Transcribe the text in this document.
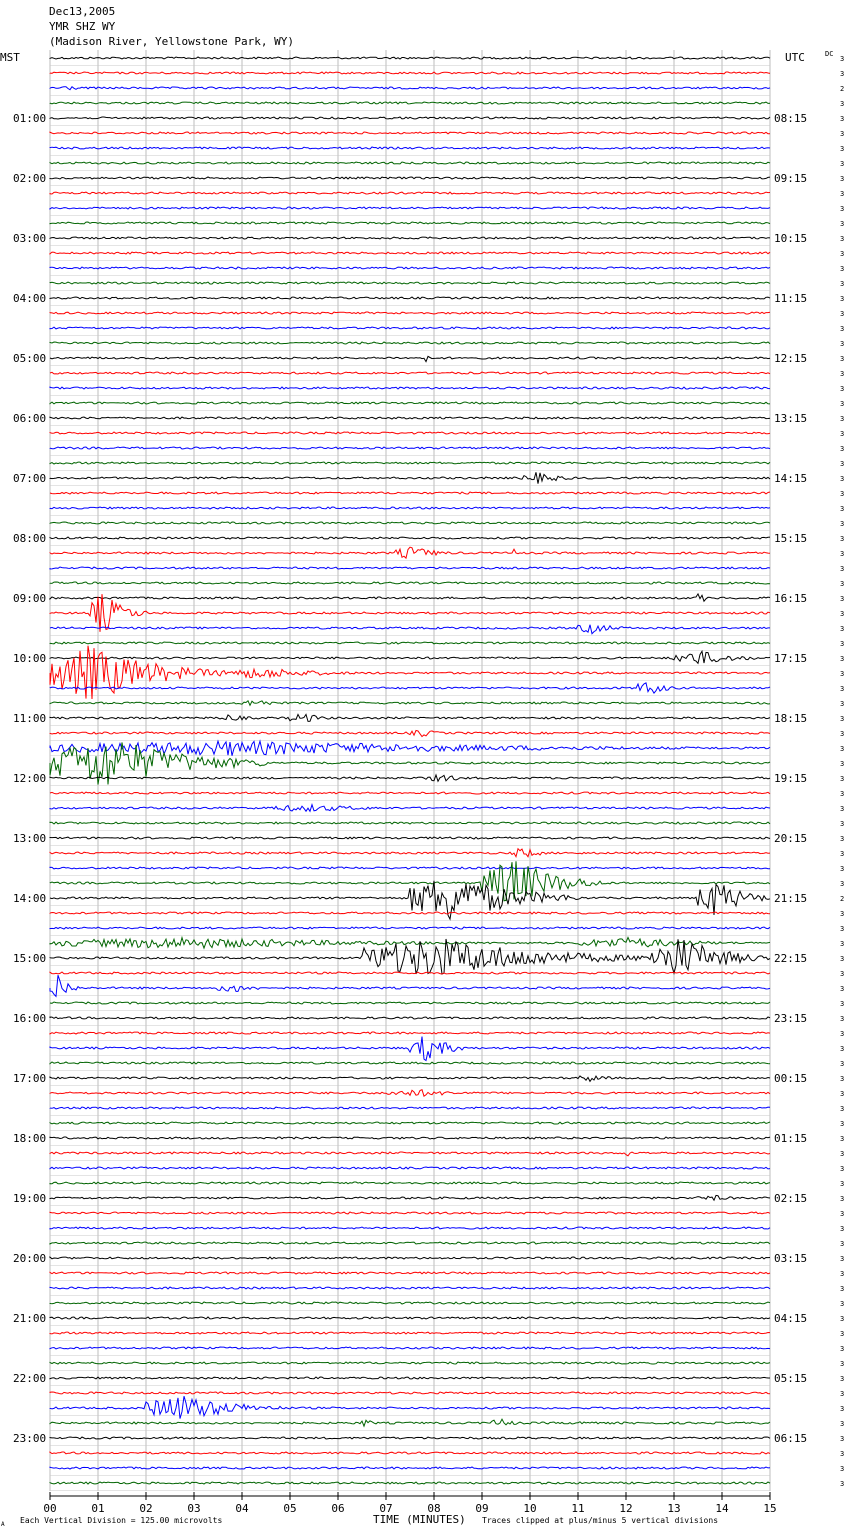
Dec13,2005
YMR SHZ WY
(Madison River, Yellowstone Park, WY)
01:00
02:00
03:00
04:00
05:00
06:00
07:00
08:00
09:00
10:00
11:00
12:00
13:00
14:00
15:00
16:00
17:00
18:00
19:00
20:00
21:00
22:00
23:00
08:15
09:15
10:15
11:15
12:15
13:15
14:15
15:15
16:15
17:15
18:15
19:15
20:15
21:15
22:15
23:15
00:15
01:15
02:15
03:15
04:15
05:15
06:15
3
3
2
3
3
3
3
3
3
3
3
3
3
3
3
3
3
3
3
3
3
3
3
3
3
3
3
3
3
3
3
3
3
3
3
3
3
3
3
3
3
3
3
3
3
3
3
3
3
3
3
3
3
3
3
3
2
3
3
3
3
3
3
3
3
3
3
3
3
3
3
3
3
3
3
3
3
3
3
3
3
3
3
3
3
3
3
3
3
3
3
3
3
3
3
3
00	01	02	03	04	05	06	07	08	09	10	11	12	13	14	15
MST	UTC	DC
A Each Vertical Division = 125.00 microvolts	TIME (MINUTES) Traces clipped at plus/minus 5 vertical divisions
